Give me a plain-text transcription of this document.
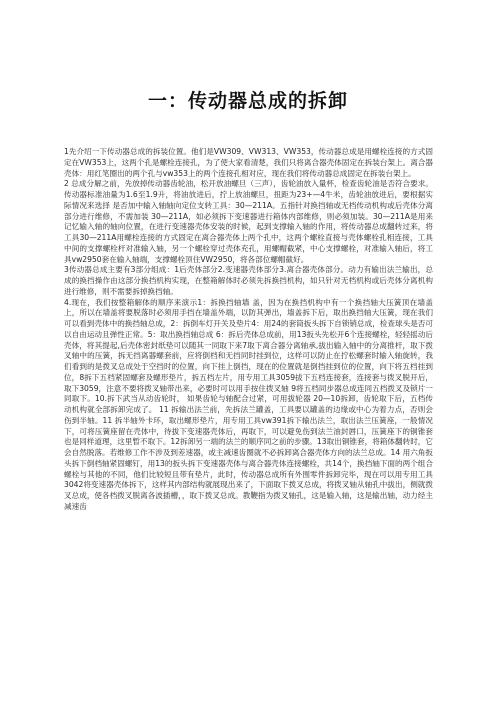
一：传动器总成的拆卸

1先介绍一下传动器总成的拆装位置。他们是VW309、VW313、VW353，传动器总成是用螺栓连接的方式固定在VW353上，这两个孔是螺栓连接孔，为了使大家看清楚，我们只将离合器壳体固定在拆装台架上。离合器壳体：用红笔圈出的两个孔与vw353上的两个连接孔相对应，现在我们将传动器总成固定在拆装台架上。

2 总成分解之前，先放掉传动器齿轮油，松开放油螺旦（三声），齿轮油放入量杯，检查齿轮油是否符合要求。传动器标准油量为1.6至1.9升，将油放进后，拧上放油螺旦，扭距为23+—4牛米，齿轮油放进后，要根据实际情况来选择 是否加中输入轴轴向定位支转工具：30—211A。五指针对换挡轴或无档传动机构或后壳体分离部分进行维修，不需加装 30—211A，如必须拆下变速器进行箱体内部维修，则必须加装。30—211A是用来记忆输入轴的轴向位置，在进行变速器壳体安装的时候，起到支撑输入轴的作用，将传动器总成翻转过来，将工具30—211A用螺栓连接的方式固定在离合器壳体上两个孔中，这两个螺栓直接与壳体螺栓孔相连接，工具中间的支撑螺栓杆对准输入轴，另一个螺栓穿过壳体充孔，用螺帽截紧，中心支撑螺栓，对准输入轴后，将工具vw2950套在输入轴端，支撑螺栓顶住VW2950，将各部位螺帽截好。

3传动器总成主要有3部分组成：1后壳体部分2.变速器壳体部分3.离合器壳体部分。动力有输出法兰输出，总成的换挡操作由这部分换挡机构实现，在整箱解体时必须先拆换挡机构，如只针对无档机构或后壳体分离机构进行维修，则不需要拆掉换挡轴。

4.现在，我们按整箱解体的顺序来演示1：拆换挡轴墙 盖，因为在换挡机构中有一个换挡轴大压簧顶在墙盖上，所以在墙盖将要脱落时必须用手挡在墙盖外端，以防其弹出，墙盖拆下后，取出换挡轴大压簧，现在我们可以看到壳体中的换挡轴总成，2：拆倒车灯开关及垫片4：用24的套筒扳头拆下自锁销总成，检查球头是否可以自由运动且弹性正常。5：取出换挡轴总成 6：拆后壳体总成前，用13扳头先松开6个连接螺栓，轻轻摇动后壳体，将其提起,后壳体密封纸垫可以随其一同取下来7取下离合器分离轴承,拔出输入轴中的分离推杆，取下拨叉轴中的压簧，拆无挡离器螺套前，应将倒档和无挡同时挂到位，这样可以防止在拧松螺套时输入轴旋转，我们看到的是拨叉总成处于空挡时的位置，向下挂上倒挡，现在的位置就是倒挡挂到位的位置，向下将五档挂到位，8拆下五档紧固螺套及螺形垫片，拆五档左片，用专用工具3059拔下五档连接套，连接套与拨叉脱开后，取下3059，注意不要将拨叉轴带出来，必要时可以用手按住拨叉轴 9将五档同步器总成连同五档拨叉及锁片一同取下。10.拆下武当从动齿轮时， 如果齿轮与轴配合过紧，可用拔轮器 20—10拆卸，齿轮取下后，五档传动机构就全部拆卸完成了。 11 拆输出法兰前，先拆法兰罐盖，工具要以罐盖的边缘或中心为着力点，否则会伤到半轴。11 拆半轴外卡环，取出螺形垫片，用专用工具vw391拆下输出法兰，取出法兰压簧座，一般情况下，可将压簧座留在壳体中，待拔下变速器壳体后，再取下，可以避免伤到法兰油封唇口，压簧座下的铜锥套也是同样道理，这里暂不取下。12拆卸另一端的法兰的顺序同之前的步骤。13取出铜锥套，将箱体翻转时，它会自然脱落。若维修工作不涉及到差速器，或主减速齿圈就不必拆卸离合器壳体方向的法兰总成。14 用六角扳头拆下倒档轴紧固螺钉，用13的扳头拆下变速器壳体与离合器壳体连接螺栓，共14个，换挡轴下面的两个组合螺栓与其他的不同，他们比较短且带有垫片，此时，传动器总成所有外围零件拆卸完毕，现在可以用专用工具3042将变速器壳体拆下，这样其内部结构就展现出来了，下面取下拨叉总成，将拨叉轴从轴孔中拔出，侧就拨叉总成，使各档拨叉脱离各波插槽，，取下拨叉总成。教鞭指为拨叉轴孔，这是输入轴，这是输出轴，动力经主减速齿
